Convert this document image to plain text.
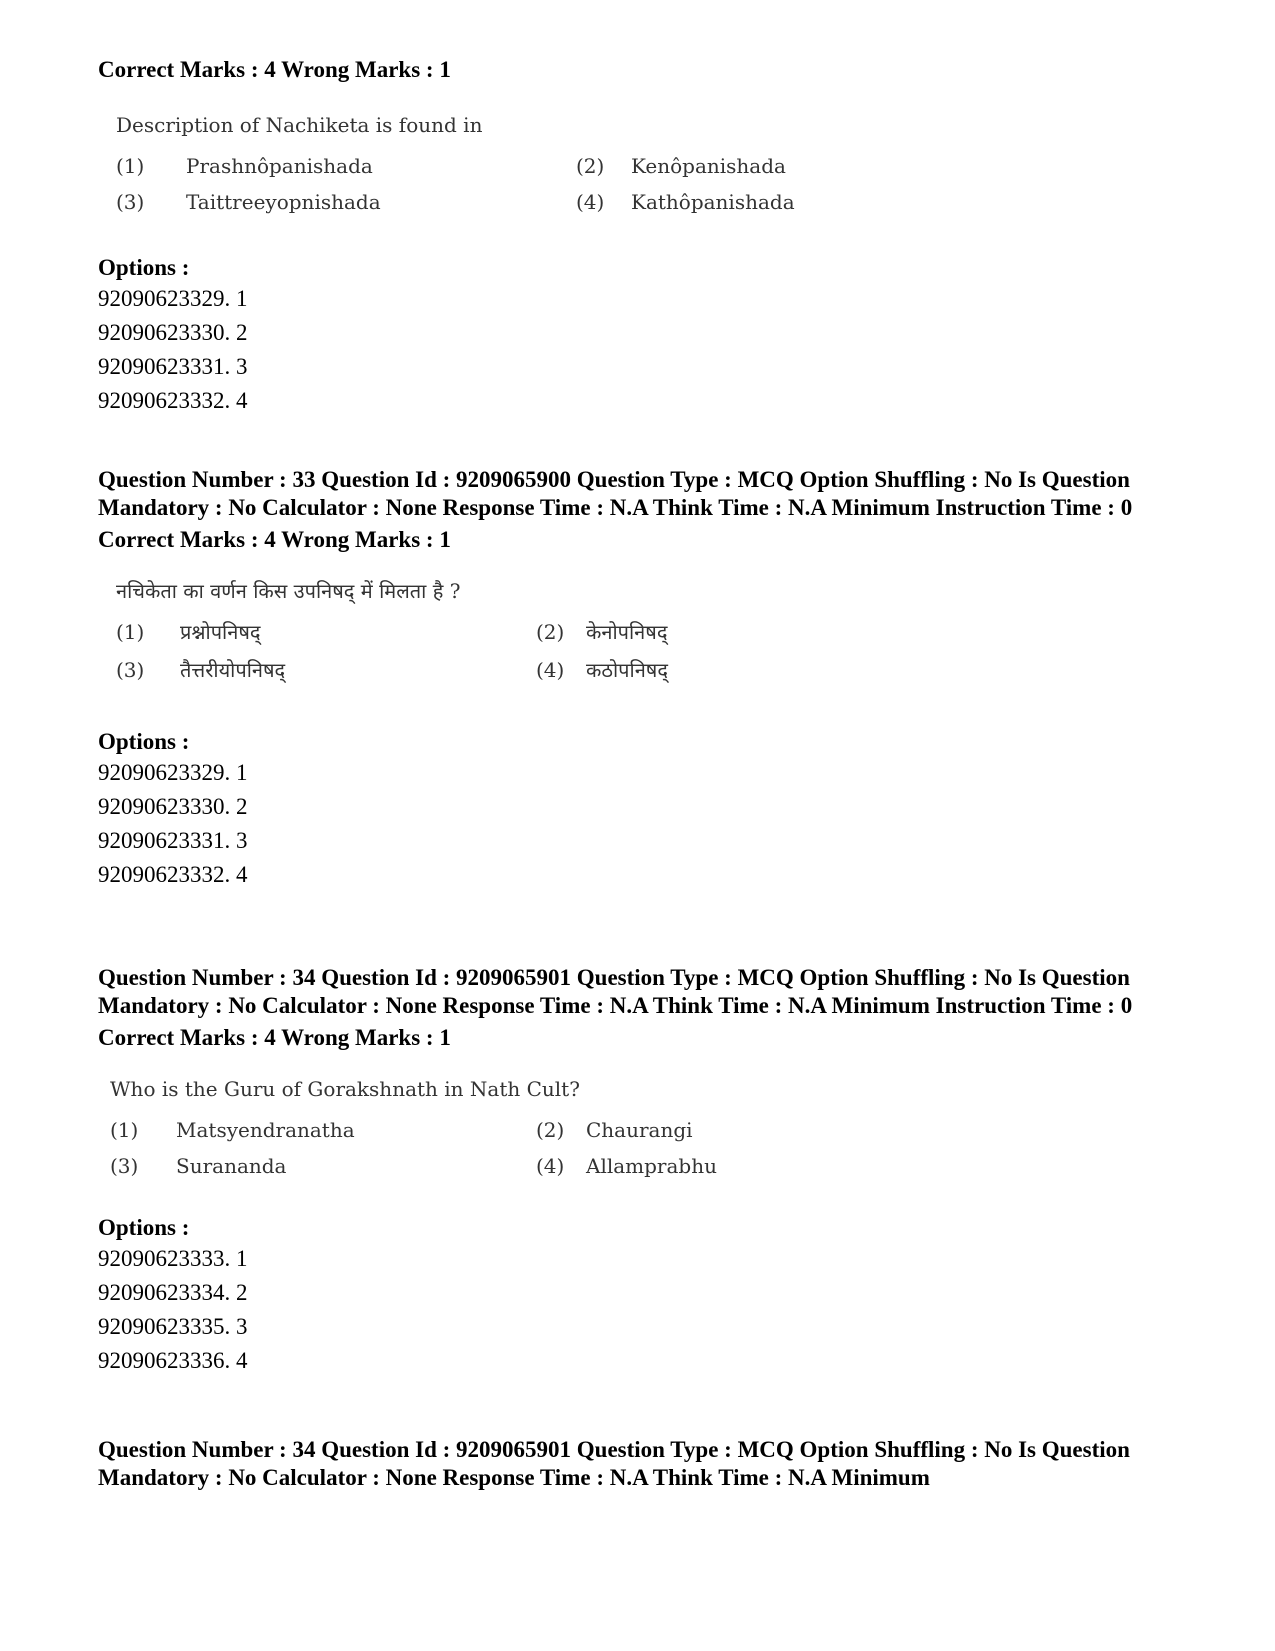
Correct Marks : 4 Wrong Marks : 1

Description of Nachiketa is found in

(1)	Prashnôpanishada	(2)	Kenôpanishada
(3)	Taittreeyopnishada	(4)	Kathôpanishada

Options :

92090623329. 1

92090623330. 2

92090623331. 3

92090623332. 4

Question Number : 33 Question Id : 9209065900 Question Type : MCQ Option Shuffling : No Is Question Mandatory : No Calculator : None Response Time : N.A Think Time : N.A Minimum Instruction Time : 0

Correct Marks : 4 Wrong Marks : 1

नचिकेता का वर्णन किस उपनिषद् में मिलता है ?

(1)	प्रश्नोपनिषद्	(2)	केनोपनिषद्
(3)	तैत्तरीयोपनिषद्	(4)	कठोपनिषद्

Options :

92090623329. 1

92090623330. 2

92090623331. 3

92090623332. 4

Question Number : 34 Question Id : 9209065901 Question Type : MCQ Option Shuffling : No Is Question Mandatory : No Calculator : None Response Time : N.A Think Time : N.A Minimum Instruction Time : 0

Correct Marks : 4 Wrong Marks : 1

Who is the Guru of Gorakshnath in Nath Cult?

(1)	Matsyendranatha	(2)	Chaurangi
(3)	Surananda	(4)	Allamprabhu

Options :

92090623333. 1

92090623334. 2

92090623335. 3

92090623336. 4

Question Number : 34 Question Id : 9209065901 Question Type : MCQ Option Shuffling : No Is Question Mandatory : No Calculator : None Response Time : N.A Think Time : N.A Minimum
